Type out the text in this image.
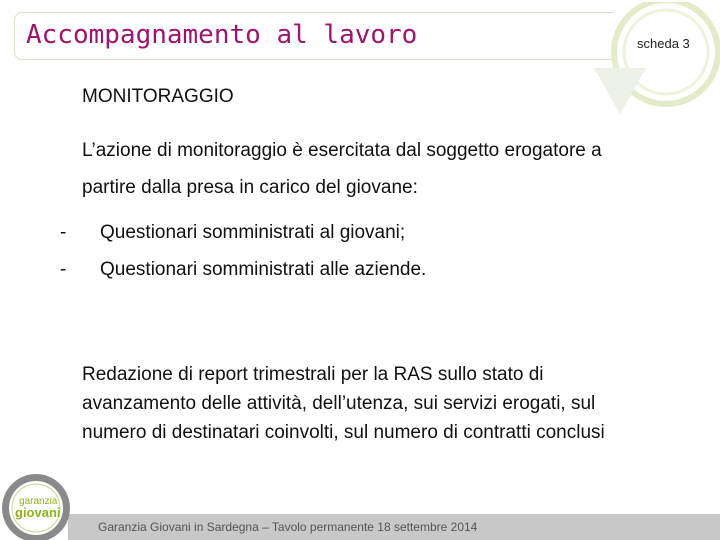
Accompagnamento al lavoro	scheda 3
MONITORAGGIO

L’azione di monitoraggio è esercitata dal soggetto erogatore a partire dalla presa in carico del giovane:

-	Questionari somministrati al giovani;
-	Questionari somministrati alle aziende.

Redazione di report trimestrali per la RAS sullo stato di avanzamento delle attività, dell’utenza, sui servizi erogati, sul numero di destinatari coinvolti, sul numero di contratti conclusi

Garanzia Giovani in Sardegna – Tavolo permanente 18 settembre 2014
garanzia
giovani
